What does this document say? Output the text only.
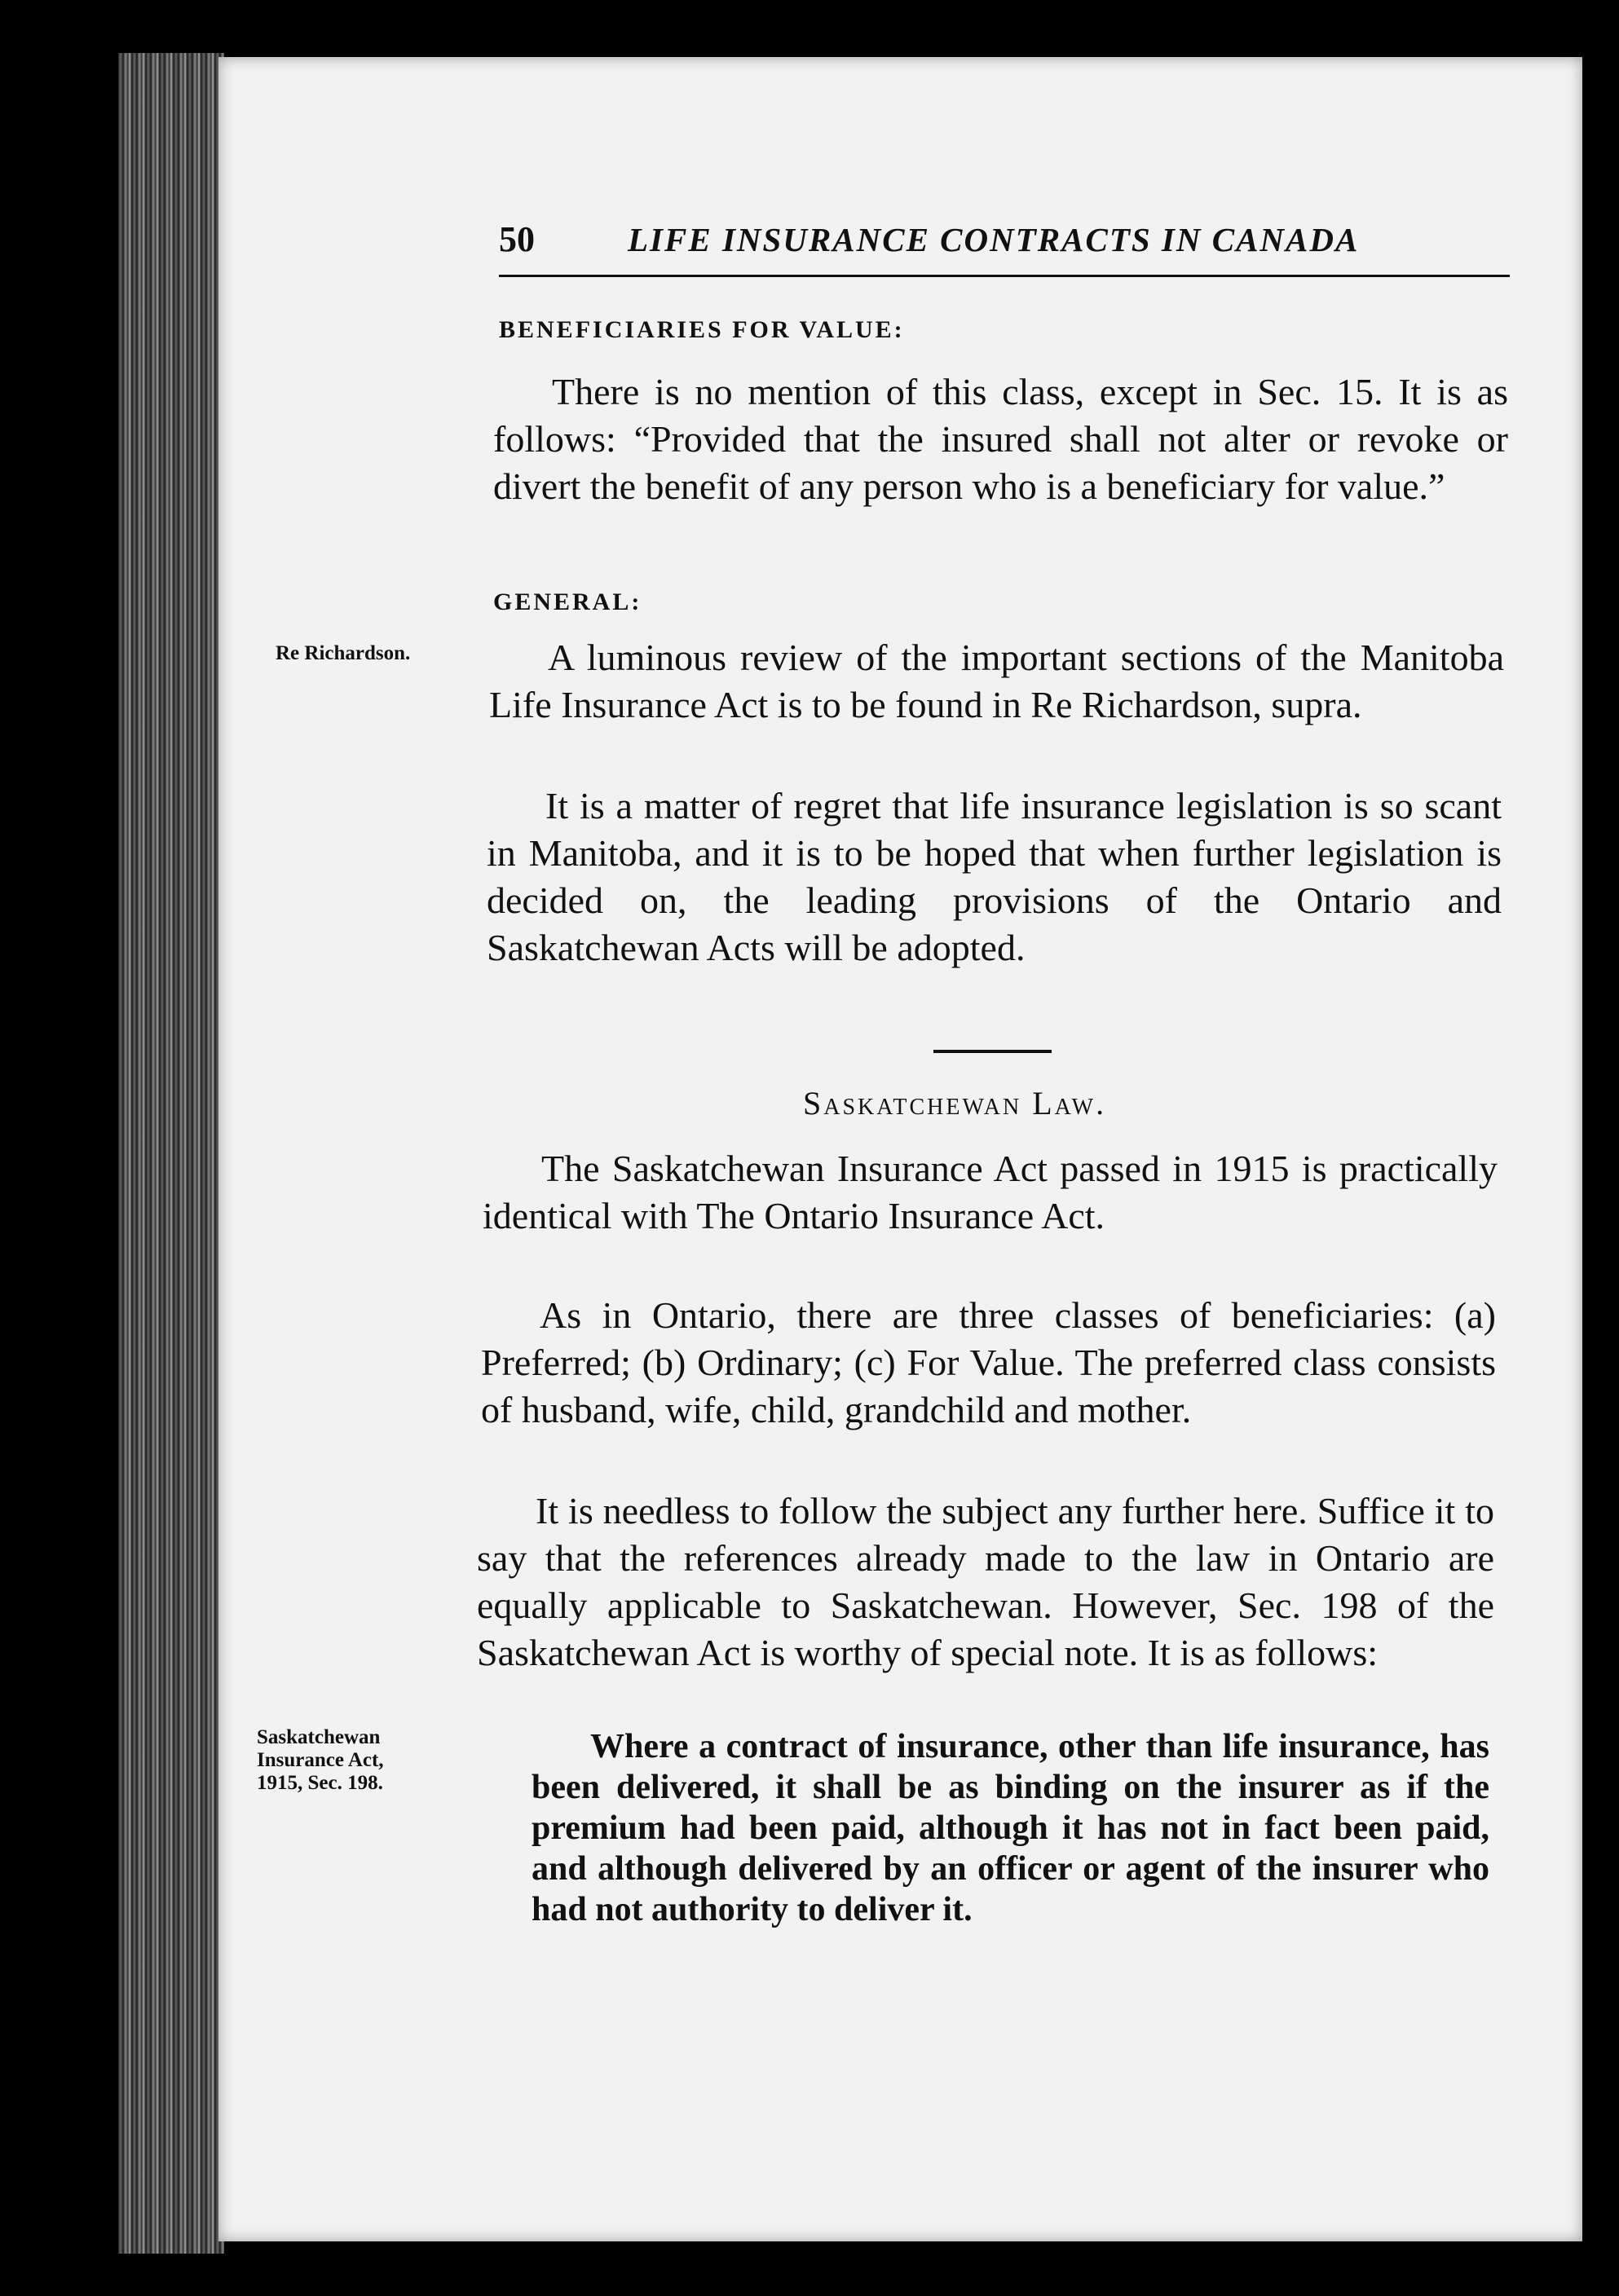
50	LIFE INSURANCE CONTRACTS IN CANADA
BENEFICIARIES FOR VALUE:

There is no mention of this class, except in Sec. 15. It is as follows: “Provided that the insured shall not alter or revoke or divert the benefit of any person who is a beneficiary for value.”

GENERAL:
Re Richardson.	A luminous review of the important sections of the Manitoba Life Insurance Act is to be found in Re Richardson, supra.

It is a matter of regret that life insurance legislation is so scant in Manitoba, and it is to be hoped that when further legislation is decided on, the leading provisions of the Ontario and Saskatchewan Acts will be adopted.

Saskatchewan Law.

The Saskatchewan Insurance Act passed in 1915 is practically identical with The Ontario Insurance Act.

As in Ontario, there are three classes of beneficiaries: (a) Preferred; (b) Ordinary; (c) For Value. The preferred class consists of husband, wife, child, grandchild and mother.

It is needless to follow the subject any further here. Suffice it to say that the references already made to the law in Ontario are equally applicable to Saskatchewan. However, Sec. 198 of the Saskatchewan Act is worthy of special note. It is as follows:

Saskatchewan
Insurance Act,
1915, Sec. 198.

Where a contract of insurance, other than life insurance, has been delivered, it shall be as binding on the insurer as if the premium had been paid, although it has not in fact been paid, and although delivered by an officer or agent of the insurer who had not authority to deliver it.
